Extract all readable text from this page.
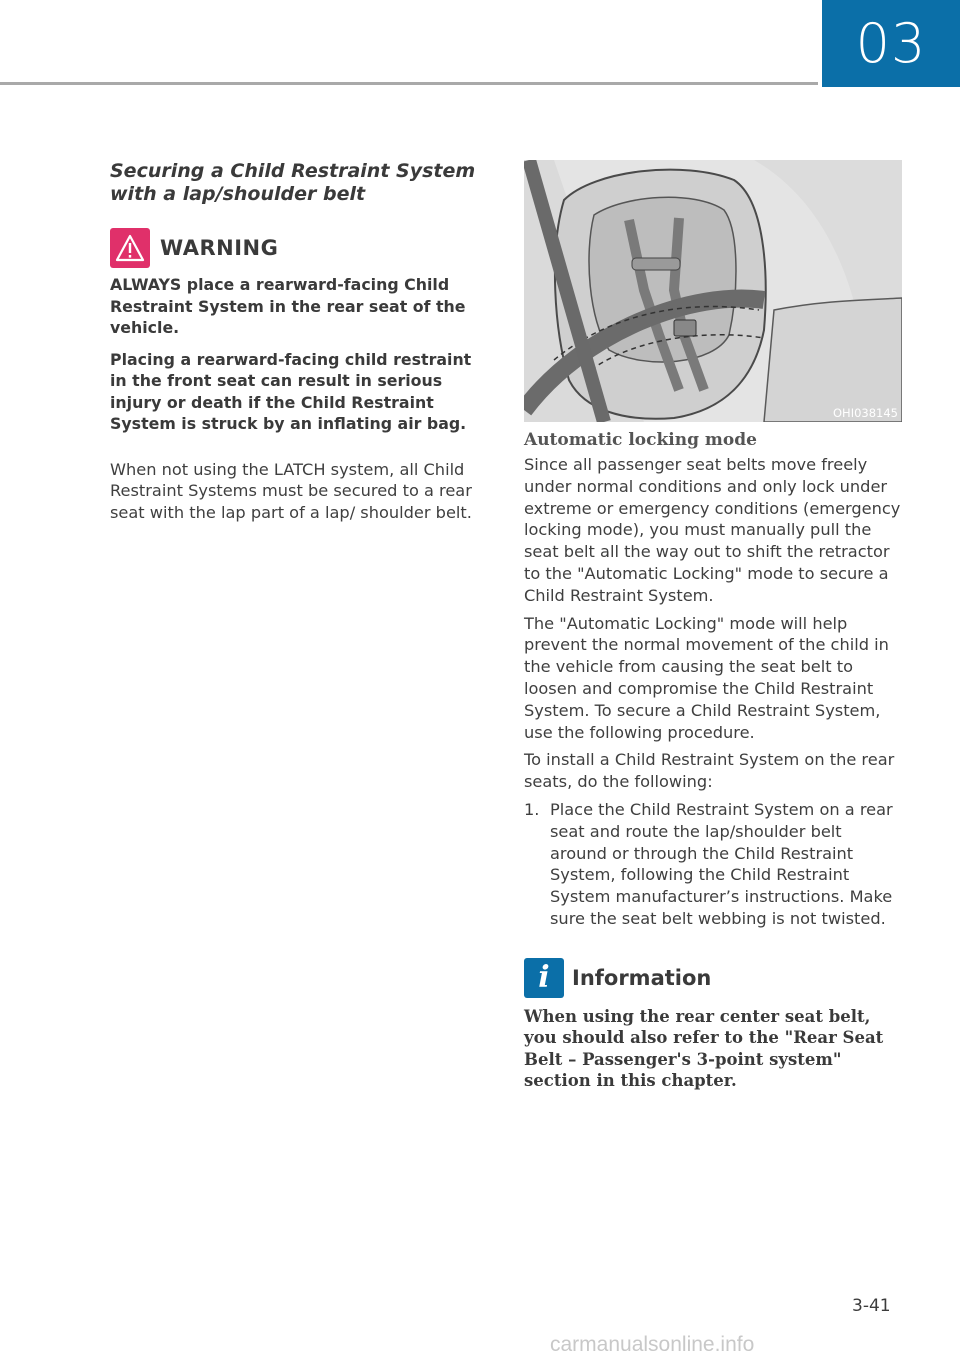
03
Securing a Child Restraint System
with a lap/shoulder belt
WARNING

ALWAYS place a rearward-facing Child Restraint System in the rear seat of the vehicle.

Placing a rearward-facing child restraint in the front seat can result in serious injury or death if the Child Restraint System is struck by an inflating air bag.

When not using the LATCH system, all Child Restraint Systems must be secured to a rear seat with the lap part of a lap/ shoulder belt.

OHI038145
Automatic locking mode

Since all passenger seat belts move freely under normal conditions and only lock under extreme or emergency conditions (emergency locking mode), you must manually pull the seat belt all the way out to shift the retractor to the "Automatic Locking" mode to secure a Child Restraint System.

The "Automatic Locking" mode will help prevent the normal movement of the child in the vehicle from causing the seat belt to loosen and compromise the Child Restraint System. To secure a Child Restraint System, use the following procedure.

To install a Child Restraint System on the rear seats, do the following:

1. Place the Child Restraint System on a rear seat and route the lap/shoulder belt around or through the Child Restraint System, following the Child Restraint System manufacturer’s instructions. Make sure the seat belt webbing is not twisted.
i Information

When using the rear center seat belt, you should also refer to the "Rear Seat Belt – Passenger's 3-point system" section in this chapter.

3-41
carmanualsonline.info
